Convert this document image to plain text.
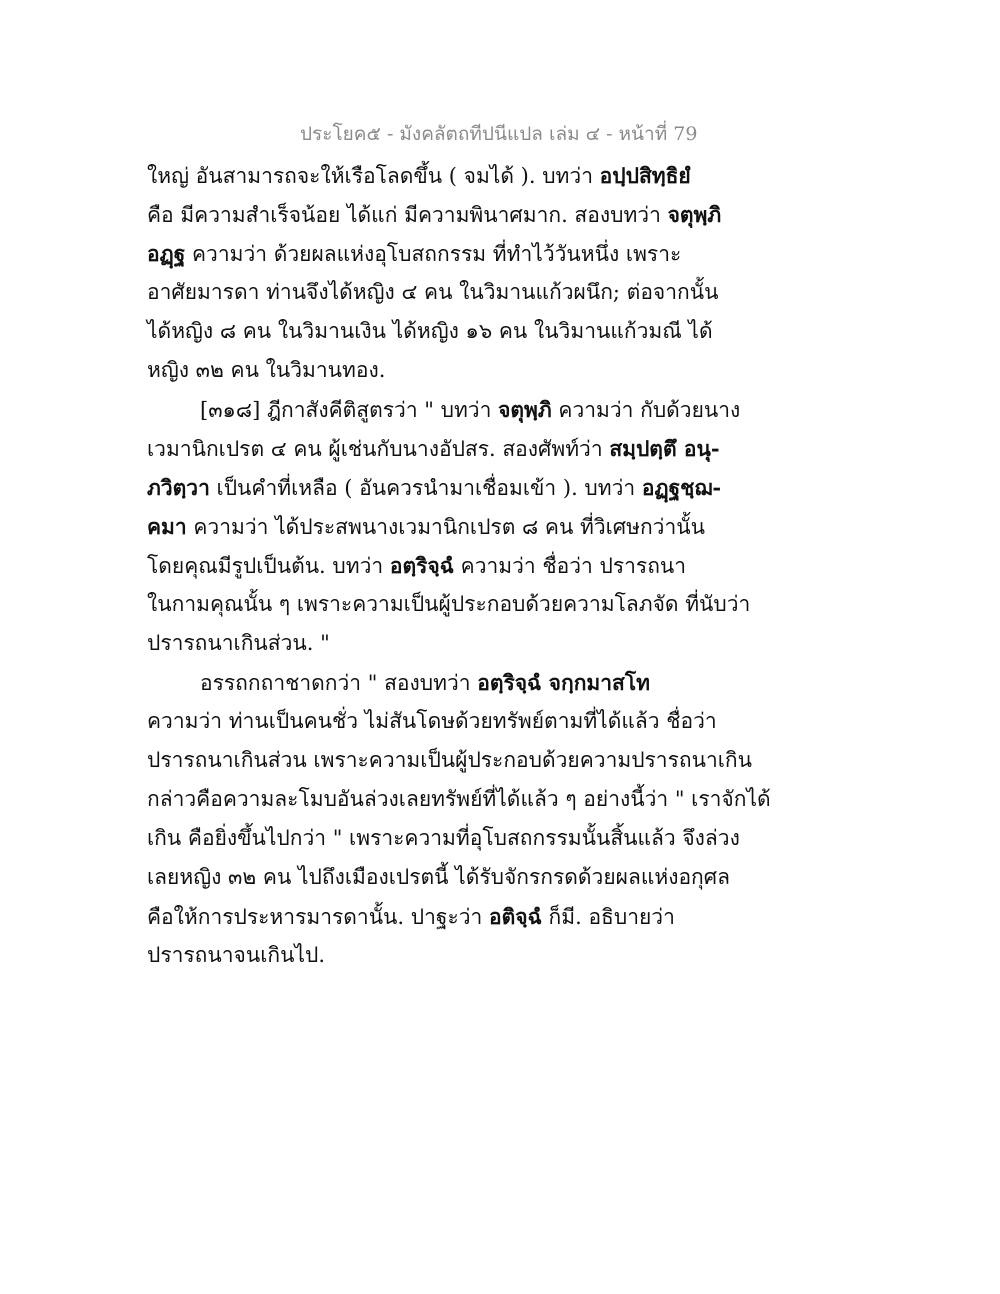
ประโยค๕ - มังคลัตถทีปนีแปล เล่ม ๔ - หน้าที่ 79
ใหญ่ อันสามารถจะให้เรือโลดขึ้น ( จมได้ ). บทว่า อปฺปสิทฺธิยํ
คือ มีความสำเร็จน้อย ได้แก่ มีความพินาศมาก. สองบทว่า จตุพฺภิ
อฏฺฐ ความว่า ด้วยผลแห่งอุโบสถกรรม ที่ทำไว้วันหนึ่ง เพราะ
อาศัยมารดา ท่านจึงได้หญิง ๔ คน ในวิมานแก้วผนึก; ต่อจากนั้น
ได้หญิง ๘ คน ในวิมานเงิน ได้หญิง ๑๖ คน ในวิมานแก้วมณี ได้
หญิง ๓๒ คน ในวิมานทอง.
[๓๑๘] ฎีกาสังคีติสูตรว่า " บทว่า จตุพฺภิ ความว่า กับด้วยนาง
เวมานิกเปรต ๔ คน ผู้เช่นกับนางอัปสร. สองศัพท์ว่า สมฺปตฺตึ อนุ-
ภวิตฺวา เป็นคำที่เหลือ ( อันควรนำมาเชื่อมเข้า ). บทว่า อฏฺฐชฺฌ-
คมา ความว่า ได้ประสพนางเวมานิกเปรต ๘ คน ที่วิเศษกว่านั้น
โดยคุณมีรูปเป็นต้น. บทว่า อตฺริจฺฉํ ความว่า ชื่อว่า ปรารถนา
ในกามคุณนั้น ๆ เพราะความเป็นผู้ประกอบด้วยความโลภจัด ที่นับว่า
ปรารถนาเกินส่วน. "
อรรถกถาชาดกว่า " สองบทว่า อตฺริจฺฉํ จกฺกมาสโท
ความว่า ท่านเป็นคนชั่ว ไม่สันโดษด้วยทรัพย์ตามที่ได้แล้ว ชื่อว่า
ปรารถนาเกินส่วน เพราะความเป็นผู้ประกอบด้วยความปรารถนาเกิน
กล่าวคือความละโมบอันล่วงเลยทรัพย์ที่ได้แล้ว ๆ อย่างนี้ว่า " เราจักได้
เกิน คือยิ่งขึ้นไปกว่า " เพราะความที่อุโบสถกรรมนั้นสิ้นแล้ว จึงล่วง
เลยหญิง ๓๒ คน ไปถึงเมืองเปรตนี้ ได้รับจักรกรดด้วยผลแห่งอกุศล
คือให้การประหารมารดานั้น. ปาฐะว่า อติจฺฉํ ก็มี. อธิบายว่า
ปรารถนาจนเกินไป.
